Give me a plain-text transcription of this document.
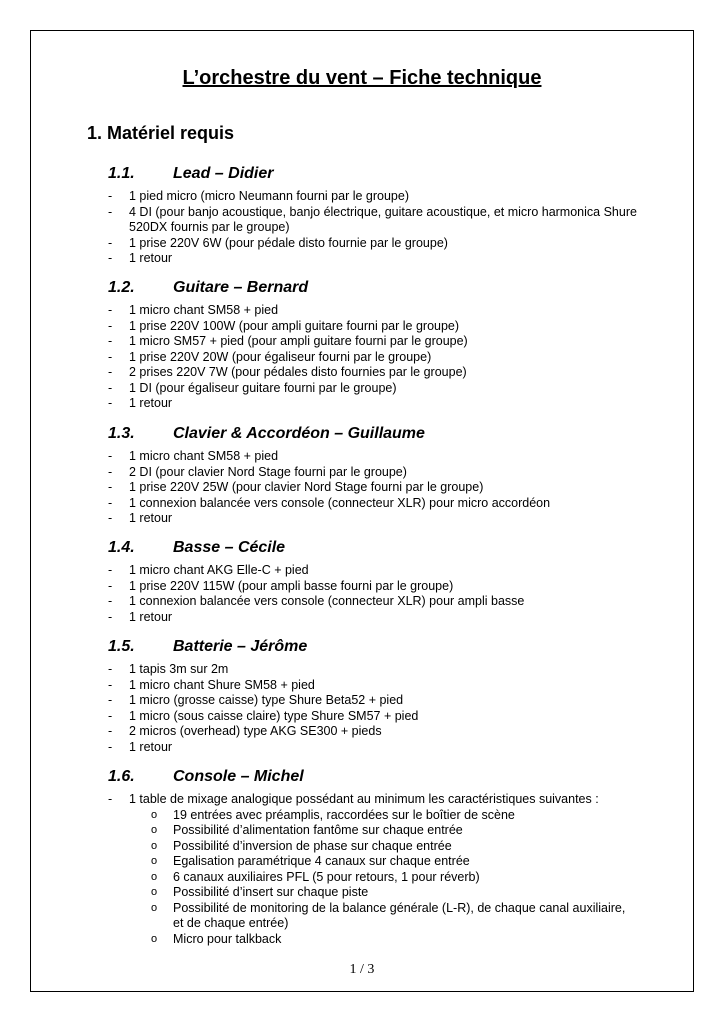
L’orchestre du vent – Fiche technique
1. Matériel requis
1.1. Lead – Didier
- 1 pied micro (micro Neumann fourni par le groupe)
- 4 DI (pour banjo acoustique, banjo électrique, guitare acoustique, et micro harmonica Shure 520DX fournis par le groupe)
- 1 prise 220V 6W (pour pédale disto fournie par le groupe)
- 1 retour
1.2. Guitare – Bernard
- 1 micro chant SM58 + pied
- 1 prise 220V 100W (pour ampli guitare fourni par le groupe)
- 1 micro SM57 + pied (pour ampli guitare fourni par le groupe)
- 1 prise 220V 20W (pour égaliseur fourni par le groupe)
- 2 prises 220V 7W (pour pédales disto fournies par le groupe)
- 1 DI (pour égaliseur guitare fourni par le groupe)
- 1 retour
1.3. Clavier & Accordéon – Guillaume
- 1 micro chant SM58 + pied
- 2 DI (pour clavier Nord Stage fourni par le groupe)
- 1 prise 220V 25W (pour clavier Nord Stage fourni par le groupe)
- 1 connexion balancée vers console (connecteur XLR) pour micro accordéon
- 1 retour
1.4. Basse – Cécile
- 1 micro chant AKG Elle-C + pied
- 1 prise 220V 115W (pour ampli basse fourni par le groupe)
- 1 connexion balancée vers console (connecteur XLR) pour ampli basse
- 1 retour
1.5. Batterie – Jérôme
- 1 tapis 3m sur 2m
- 1 micro chant Shure SM58 + pied
- 1 micro (grosse caisse) type Shure Beta52 + pied
- 1 micro (sous caisse claire) type Shure SM57 + pied
- 2 micros (overhead) type AKG SE300 + pieds
- 1 retour
1.6. Console – Michel
- 1 table de mixage analogique possédant au minimum les caractéristiques suivantes :
o 19 entrées avec préamplis, raccordées sur le boîtier de scène
o Possibilité d’alimentation fantôme sur chaque entrée
o Possibilité d’inversion de phase sur chaque entrée
o Egalisation paramétrique 4 canaux sur chaque entrée
o 6 canaux auxiliaires PFL (5 pour retours, 1 pour réverb)
o Possibilité d’insert sur chaque piste
o Possibilité de monitoring de la balance générale (L-R), de chaque canal auxiliaire, et de chaque entrée)
o Micro pour talkback
1 / 3
